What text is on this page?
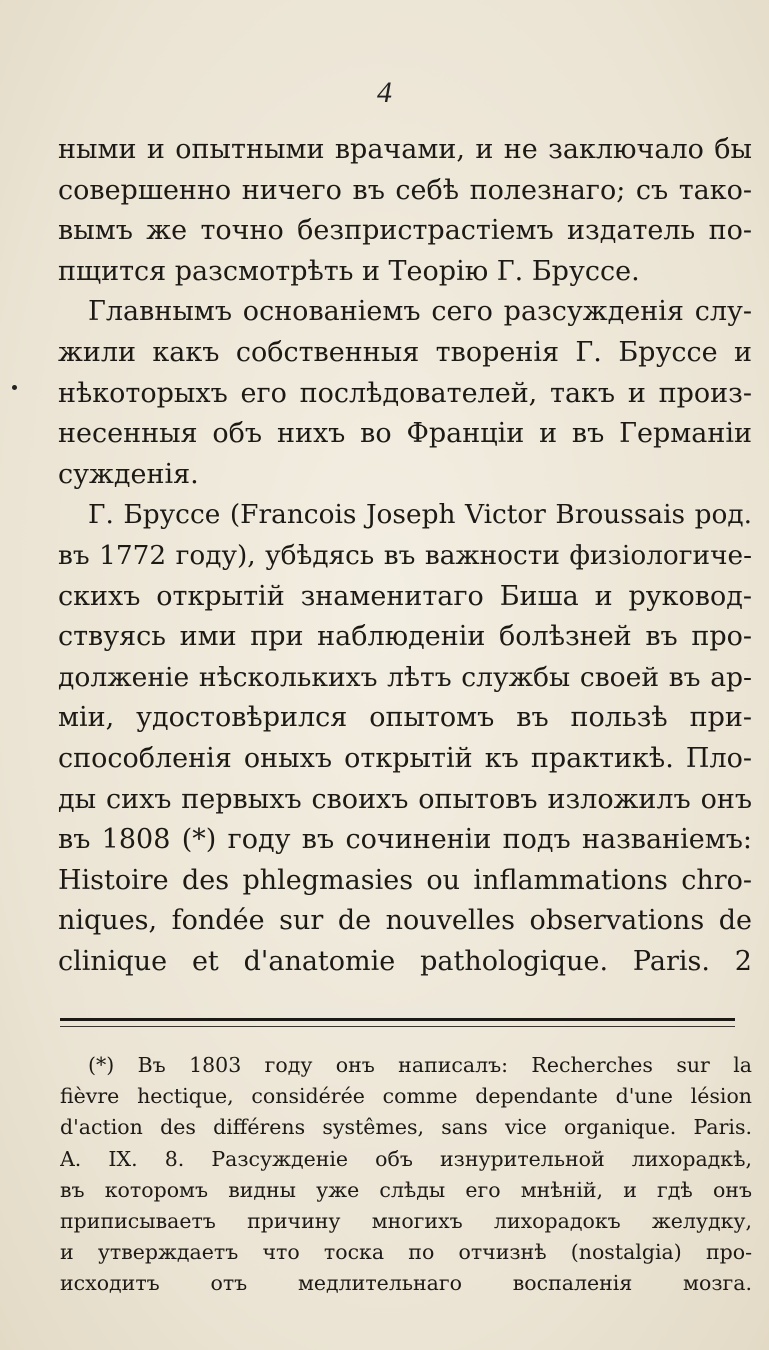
4
ными и опытными врачами, и не заключало бы
совершенно ничего въ себѣ полезнаго; съ тако-
вымъ же точно безпристрастіемъ издатель по-
пщится разсмотрѣть и Теорію Г. Бруссе.
Главнымъ основаніемъ сего разсужденія слу-
жили какъ собственныя творенія Г. Бруссе и
нѣкоторыхъ его послѣдователей, такъ и произ-
несенныя объ нихъ во Франціи и въ Германіи
сужденія.
Г. Бруссе (Francois Joseph Victor Broussais род.
въ 1772 году), убѣдясь въ важности физіологиче-
скихъ открытій знаменитаго Биша и руковод-
ствуясь ими при наблюденіи болѣзней въ про-
долженіе нѣсколькихъ лѣтъ службы своей въ ар-
міи, удостовѣрился опытомъ въ пользѣ при-
способленія оныхъ открытій къ практикѣ. Пло-
ды сихъ первыхъ своихъ опытовъ изложилъ онъ
въ 1808 (*) году въ сочиненіи подъ названіемъ:
Histoire des phlegmasies ou inflammations chro-
niques, fondée sur de nouvelles observations de
clinique et d'anatomie pathologique. Paris. 2
(*) Въ 1803 году онъ написалъ: Recherches sur la
fièvre hectique, considérée comme dependante d'une lésion
d'action des différens systêmes, sans vice organique. Paris.
A. IX. 8. Разсужденіе объ изнурительной лихорадкѣ,
въ которомъ видны уже слѣды его мнѣній, и гдѣ онъ
приписываетъ причину многихъ лихорадокъ желудку,
и утверждаетъ что тоска по отчизнѣ (nostalgia) про-
исходитъ отъ медлительнаго воспаленія мозга.
